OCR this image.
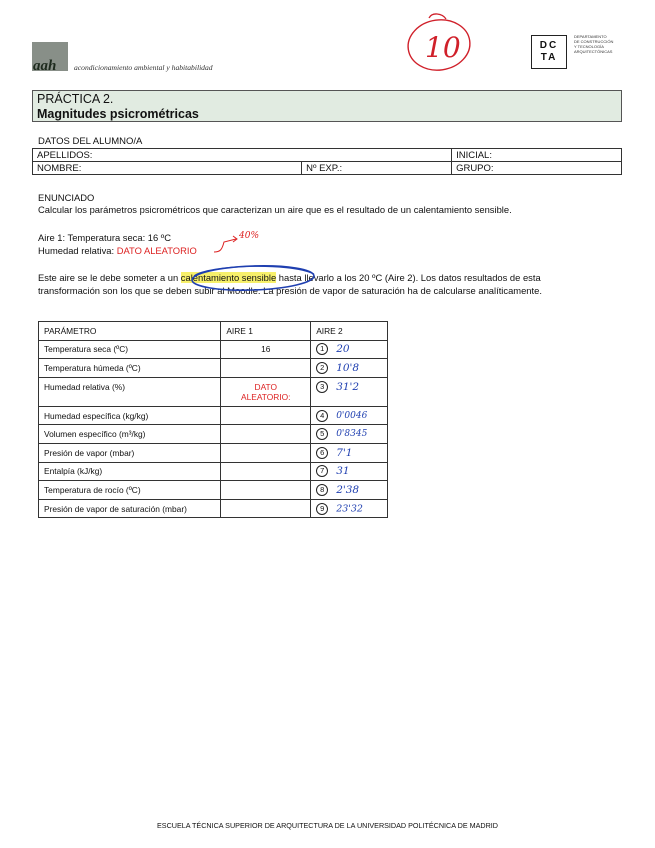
aah acondicionamiento ambiental y habitabilidad
10	DCTA
DEPARTAMENTO
DE CONSTRUCCIÓN
Y TECNOLOGÍA
ARQUITECTÓNICAS
PRÁCTICA 2.
Magnitudes psicrométricas
DATOS DEL ALUMNO/A
APELLIDOS:		INICIAL:
NOMBRE:	Nº EXP.:	GRUPO:
ENUNCIADO
Calcular los parámetros psicrométricos que caracterizan un aire que es el resultado de un calentamiento sensible.
Aire 1: Temperatura seca: 16 ºC
Humedad relativa: DATO ALEATORIO
40%
Este aire se le debe someter a un calentamiento sensible hasta llevarlo a los 20 ºC (Aire 2). Los datos resultados de esta
transformación son los que se deben subir al Moodle. La presión de vapor de saturación ha de calcularse analíticamente.
PARÁMETRO	AIRE 1	AIRE 2
Temperatura seca (ºC)	16	1 20
Temperatura húmeda (ºC)		2 10'8
Humedad relativa (%)	DATO ALEATORIO:	3 31'2
Humedad específica (kg/kg)		4 0'0046
Volumen específico (m³/kg)		5 0'8345
Presión de vapor (mbar)		6 7'1
Entalpía (kJ/kg)		7 31
Temperatura de rocío (ºC)		8 2'38
Presión de vapor de saturación (mbar)		9 23'32
ESCUELA TÉCNICA SUPERIOR DE ARQUITECTURA DE LA UNIVERSIDAD POLITÉCNICA DE MADRID
